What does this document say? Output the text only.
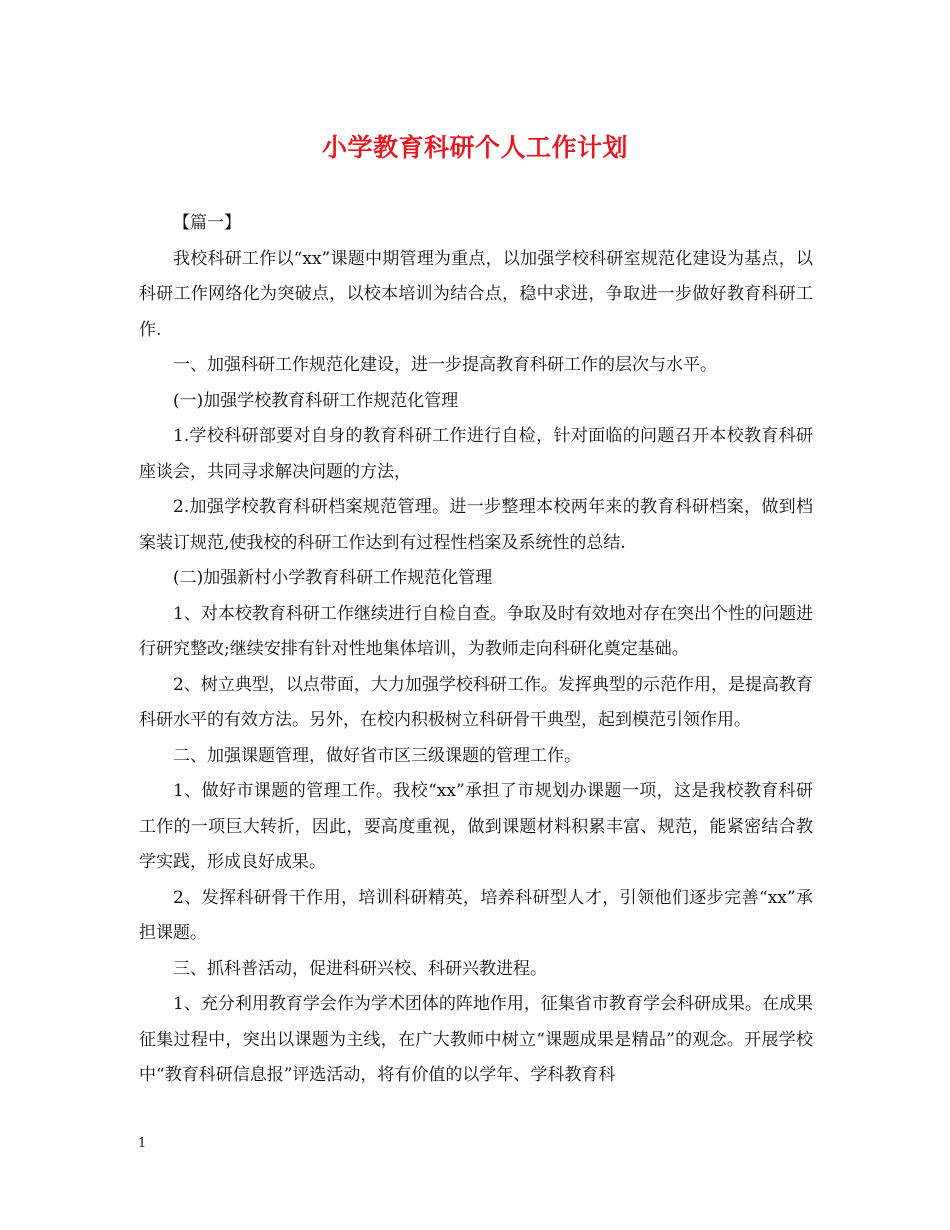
小学教育科研个人工作计划

【篇一】

我校科研工作以“xx”课题中期管理为重点，以加强学校科研室规范化建设为基点，以科研工作网络化为突破点，以校本培训为结合点，稳中求进，争取进一步做好教育科研工作.

一、加强科研工作规范化建设，进一步提高教育科研工作的层次与水平。

(一)加强学校教育科研工作规范化管理

1.学校科研部要对自身的教育科研工作进行自检，针对面临的问题召开本校教育科研座谈会，共同寻求解决问题的方法，

2.加强学校教育科研档案规范管理。进一步整理本校两年来的教育科研档案，做到档案装订规范,使我校的科研工作达到有过程性档案及系统性的总结.

(二)加强新村小学教育科研工作规范化管理

1、对本校教育科研工作继续进行自检自查。争取及时有效地对存在突出个性的问题进行研究整改;继续安排有针对性地集体培训，为教师走向科研化奠定基础。

2、树立典型，以点带面，大力加强学校科研工作。发挥典型的示范作用，是提高教育科研水平的有效方法。另外，在校内积极树立科研骨干典型，起到模范引领作用。

二、加强课题管理，做好省市区三级课题的管理工作。

1、做好市课题的管理工作。我校“xx”承担了市规划办课题一项，这是我校教育科研工作的一项巨大转折，因此，要高度重视，做到课题材料积累丰富、规范，能紧密结合教学实践，形成良好成果。

2、发挥科研骨干作用，培训科研精英，培养科研型人才，引领他们逐步完善“xx”承担课题。

三、抓科普活动，促进科研兴校、科研兴教进程。

1、充分利用教育学会作为学术团体的阵地作用，征集省市教育学会科研成果。在成果征集过程中，突出以课题为主线，在广大教师中树立“课题成果是精品”的观念。开展学校中“教育科研信息报”评选活动，将有价值的以学年、学科教育科

1
